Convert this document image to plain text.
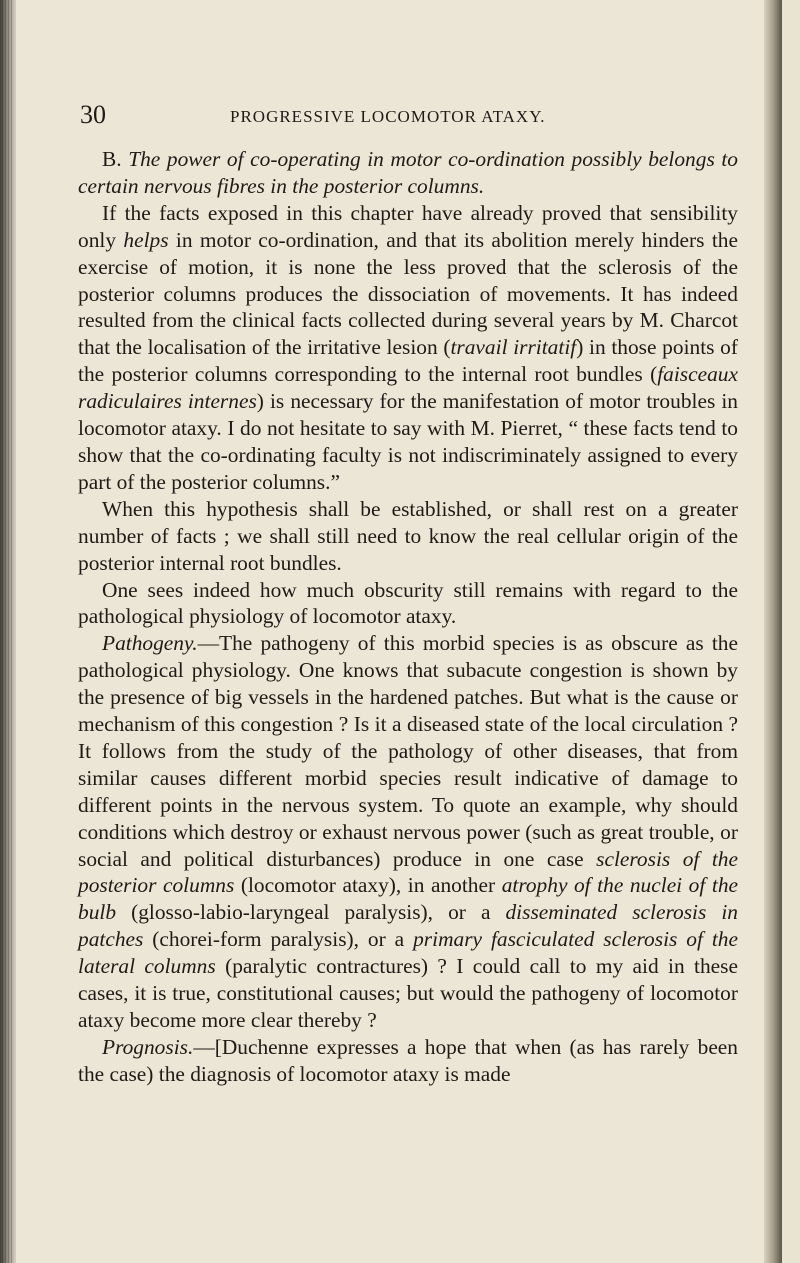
30	PROGRESSIVE LOCOMOTOR ATAXY.

B. The power of co-operating in motor co-ordination possibly belongs to certain nervous fibres in the posterior columns.

If the facts exposed in this chapter have already proved that sensibility only helps in motor co-ordination, and that its abolition merely hinders the exercise of motion, it is none the less proved that the sclerosis of the posterior columns produces the dissociation of movements. It has indeed resulted from the clinical facts collected during several years by M. Charcot that the localisation of the irritative lesion (travail irritatif) in those points of the posterior columns corresponding to the internal root bundles (faisceaux radiculaires internes) is necessary for the manifestation of motor troubles in locomotor ataxy. I do not hesitate to say with M. Pierret, “ these facts tend to show that the co-ordinating faculty is not indiscriminately assigned to every part of the posterior columns.”

When this hypothesis shall be established, or shall rest on a greater number of facts ; we shall still need to know the real cellular origin of the posterior internal root bundles.

One sees indeed how much obscurity still remains with regard to the pathological physiology of locomotor ataxy.

Pathogeny.—The pathogeny of this morbid species is as obscure as the pathological physiology. One knows that subacute congestion is shown by the presence of big vessels in the hardened patches. But what is the cause or mechanism of this congestion ? Is it a diseased state of the local circulation ? It follows from the study of the pathology of other diseases, that from similar causes different morbid species result indicative of damage to different points in the nervous system. To quote an example, why should conditions which destroy or exhaust nervous power (such as great trouble, or social and political disturbances) produce in one case sclerosis of the posterior columns (locomotor ataxy), in another atrophy of the nuclei of the bulb (glosso-labio-laryngeal paralysis), or a disseminated sclerosis in patches (chorei-form paralysis), or a primary fasciculated sclerosis of the lateral columns (paralytic contractures) ? I could call to my aid in these cases, it is true, constitutional causes; but would the pathogeny of locomotor ataxy become more clear thereby ?

Prognosis.—[Duchenne expresses a hope that when (as has rarely been the case) the diagnosis of locomotor ataxy is made
